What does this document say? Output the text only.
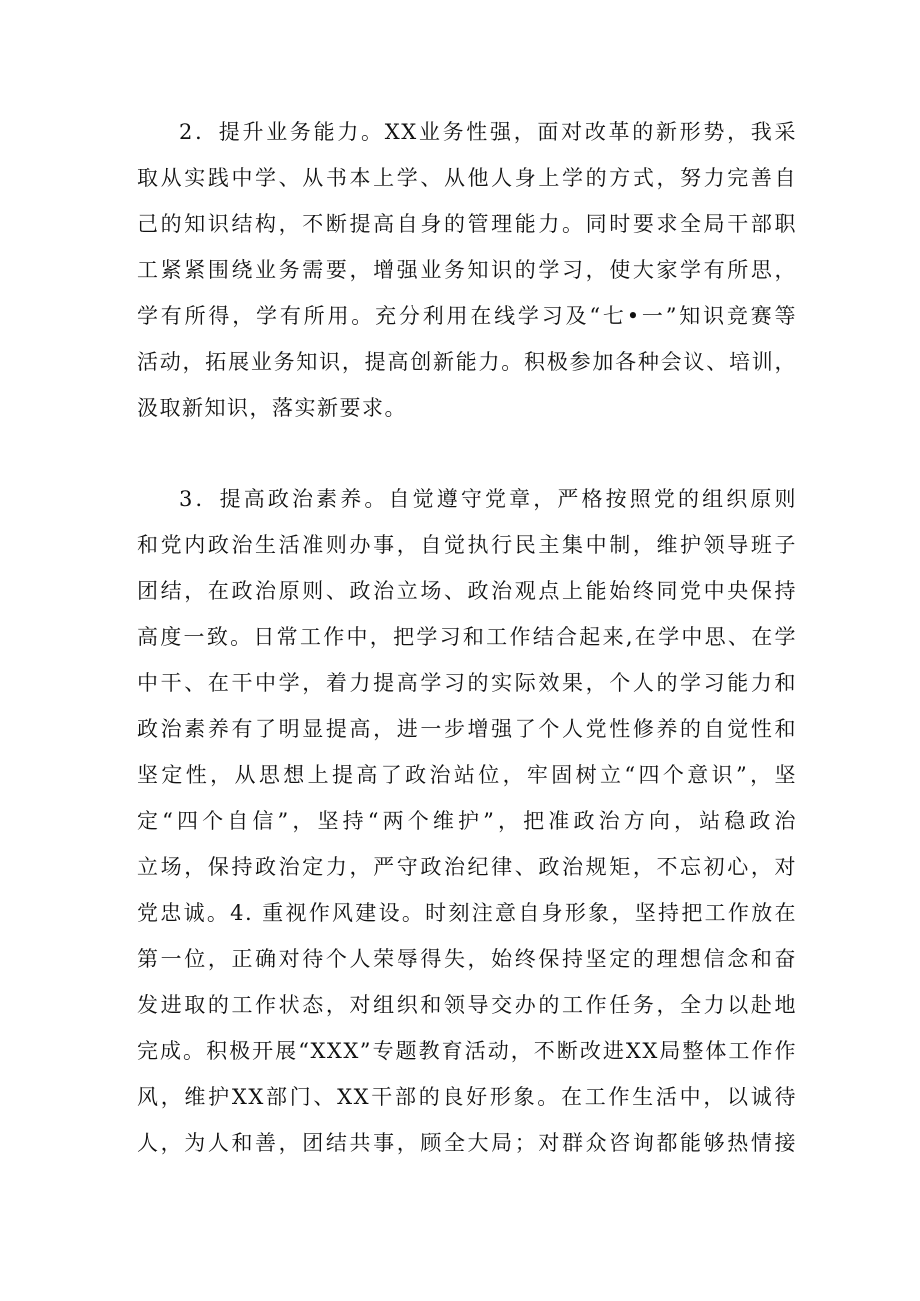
2．提升业务能力。XX业务性强，面对改革的新形势，我采
取从实践中学、从书本上学、从他人身上学的方式，努力完善自
己的知识结构，不断提高自身的管理能力。同时要求全局干部职
工紧紧围绕业务需要，增强业务知识的学习，使大家学有所思，
学有所得，学有所用。充分利用在线学习及“七•一”知识竞赛等
活动，拓展业务知识，提高创新能力。积极参加各种会议、培训，
汲取新知识，落实新要求。
3．提高政治素养。自觉遵守党章，严格按照党的组织原则
和党内政治生活准则办事，自觉执行民主集中制，维护领导班子
团结，在政治原则、政治立场、政治观点上能始终同党中央保持
高度一致。日常工作中，把学习和工作结合起来,在学中思、在学
中干、在干中学，着力提高学习的实际效果，个人的学习能力和
政治素养有了明显提高，进一步增强了个人党性修养的自觉性和
坚定性，从思想上提高了政治站位，牢固树立“四个意识”，坚
定“四个自信”，坚持“两个维护”，把准政治方向，站稳政治
立场，保持政治定力，严守政治纪律、政治规矩，不忘初心，对
党忠诚。4. 重视作风建设。时刻注意自身形象，坚持把工作放在
第一位，正确对待个人荣辱得失，始终保持坚定的理想信念和奋
发进取的工作状态，对组织和领导交办的工作任务，全力以赴地
完成。积极开展“XXX”专题教育活动，不断改进XX局整体工作作
风，维护XX部门、XX干部的良好形象。在工作生活中，以诚待
人，为人和善，团结共事，顾全大局；对群众咨询都能够热情接
